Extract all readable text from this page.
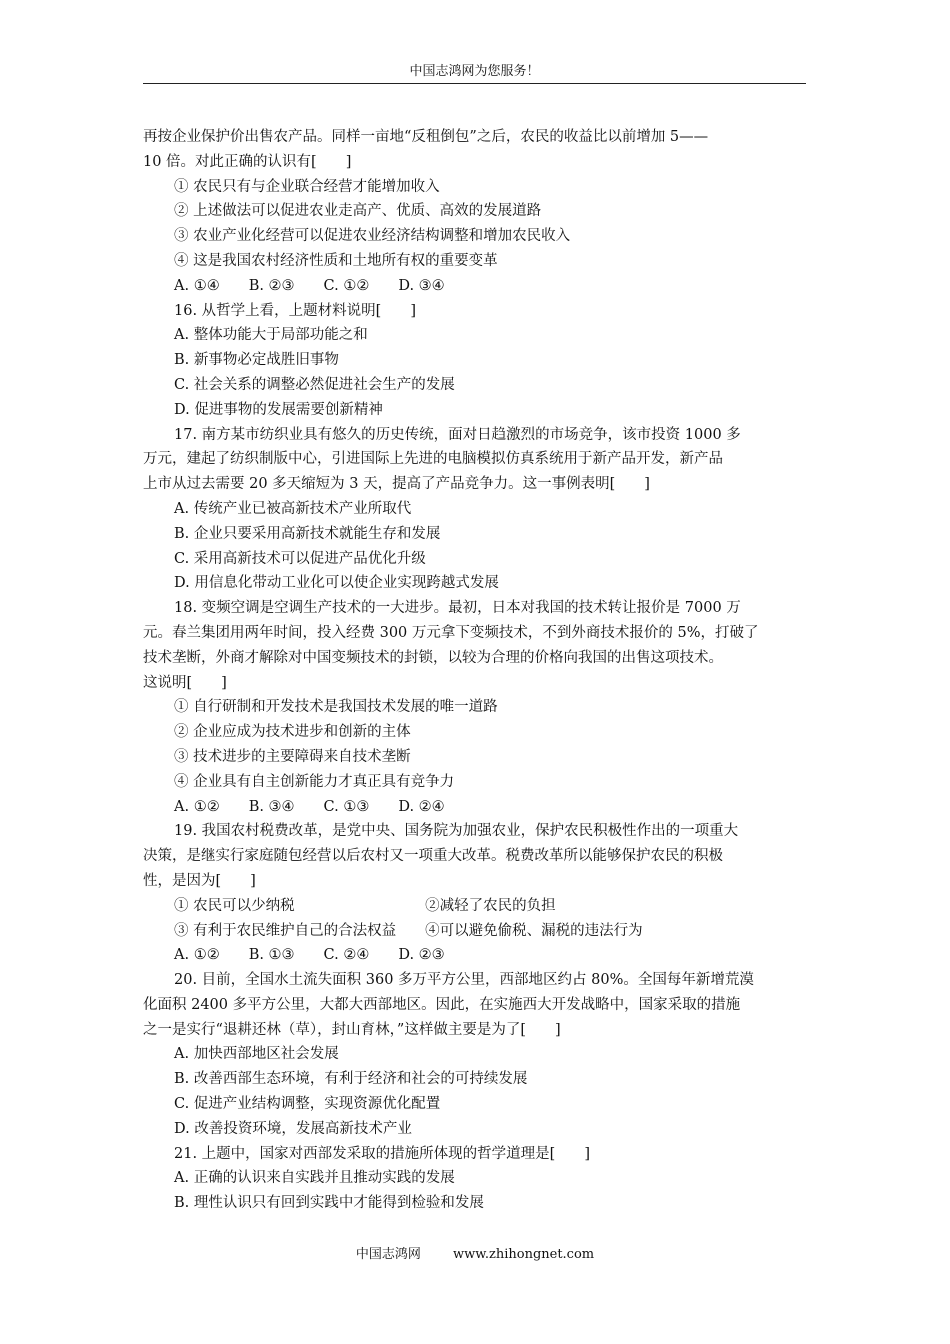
中国志鸿网为您服务！
再按企业保护价出售农产品。同样一亩地“反租倒包”之后，农民的收益比以前增加 5——
10 倍。对此正确的认识有[　　]
① 农民只有与企业联合经营才能增加收入
② 上述做法可以促进农业走高产、优质、高效的发展道路
③ 农业产业化经营可以促进农业经济结构调整和增加农民收入
④ 这是我国农村经济性质和土地所有权的重要变革
A. ①④　　B. ②③　　C. ①②　　D. ③④
16. 从哲学上看，上题材料说明[　　]
A. 整体功能大于局部功能之和
B. 新事物必定战胜旧事物
C. 社会关系的调整必然促进社会生产的发展
D. 促进事物的发展需要创新精神
17. 南方某市纺织业具有悠久的历史传统，面对日趋激烈的市场竞争，该市投资 1000 多
万元，建起了纺织制版中心，引进国际上先进的电脑模拟仿真系统用于新产品开发，新产品
上市从过去需要 20 多天缩短为 3 天，提高了产品竞争力。这一事例表明[　　]
A. 传统产业已被高新技术产业所取代
B. 企业只要采用高新技术就能生存和发展
C. 采用高新技术可以促进产品优化升级
D. 用信息化带动工业化可以使企业实现跨越式发展
18. 变频空调是空调生产技术的一大进步。最初，日本对我国的技术转让报价是 7000 万
元。春兰集团用两年时间，投入经费 300 万元拿下变频技术，不到外商技术报价的 5%，打破了
技术垄断，外商才解除对中国变频技术的封锁，以较为合理的价格向我国的出售这项技术。
这说明[　　]
① 自行研制和开发技术是我国技术发展的唯一道路
② 企业应成为技术进步和创新的主体
③ 技术进步的主要障碍来自技术垄断
④ 企业具有自主创新能力才真正具有竞争力
A. ①②　　B. ③④　　C. ①③　　D. ②④
19. 我国农村税费改革，是党中央、国务院为加强农业，保护农民积极性作出的一项重大
决策，是继实行家庭随包经营以后农村又一项重大改革。税费改革所以能够保护农民的积极
性，是因为[　　]
① 农民可以少纳税　　　　　　　　　②减轻了农民的负担
③ 有利于农民维护自己的合法权益　　④可以避免偷税、漏税的违法行为
A. ①②　　B. ①③　　C. ②④　　D. ②③
20. 目前，全国水土流失面积 360 多万平方公里，西部地区约占 80%。全国每年新增荒漠
化面积 2400 多平方公里，大都大西部地区。因此，在实施西大开发战略中，国家采取的措施
之一是实行“退耕还林（草），封山育林，”这样做主要是为了[　　]
A. 加快西部地区社会发展
B. 改善西部生态环境，有利于经济和社会的可持续发展
C. 促进产业结构调整，实现资源优化配置
D. 改善投资环境，发展高新技术产业
21. 上题中，国家对西部发采取的措施所体现的哲学道理是[　　]
A. 正确的认识来自实践并且推动实践的发展
B. 理性认识只有回到实践中才能得到检验和发展
中国志鸿网 www.zhihongnet.com
